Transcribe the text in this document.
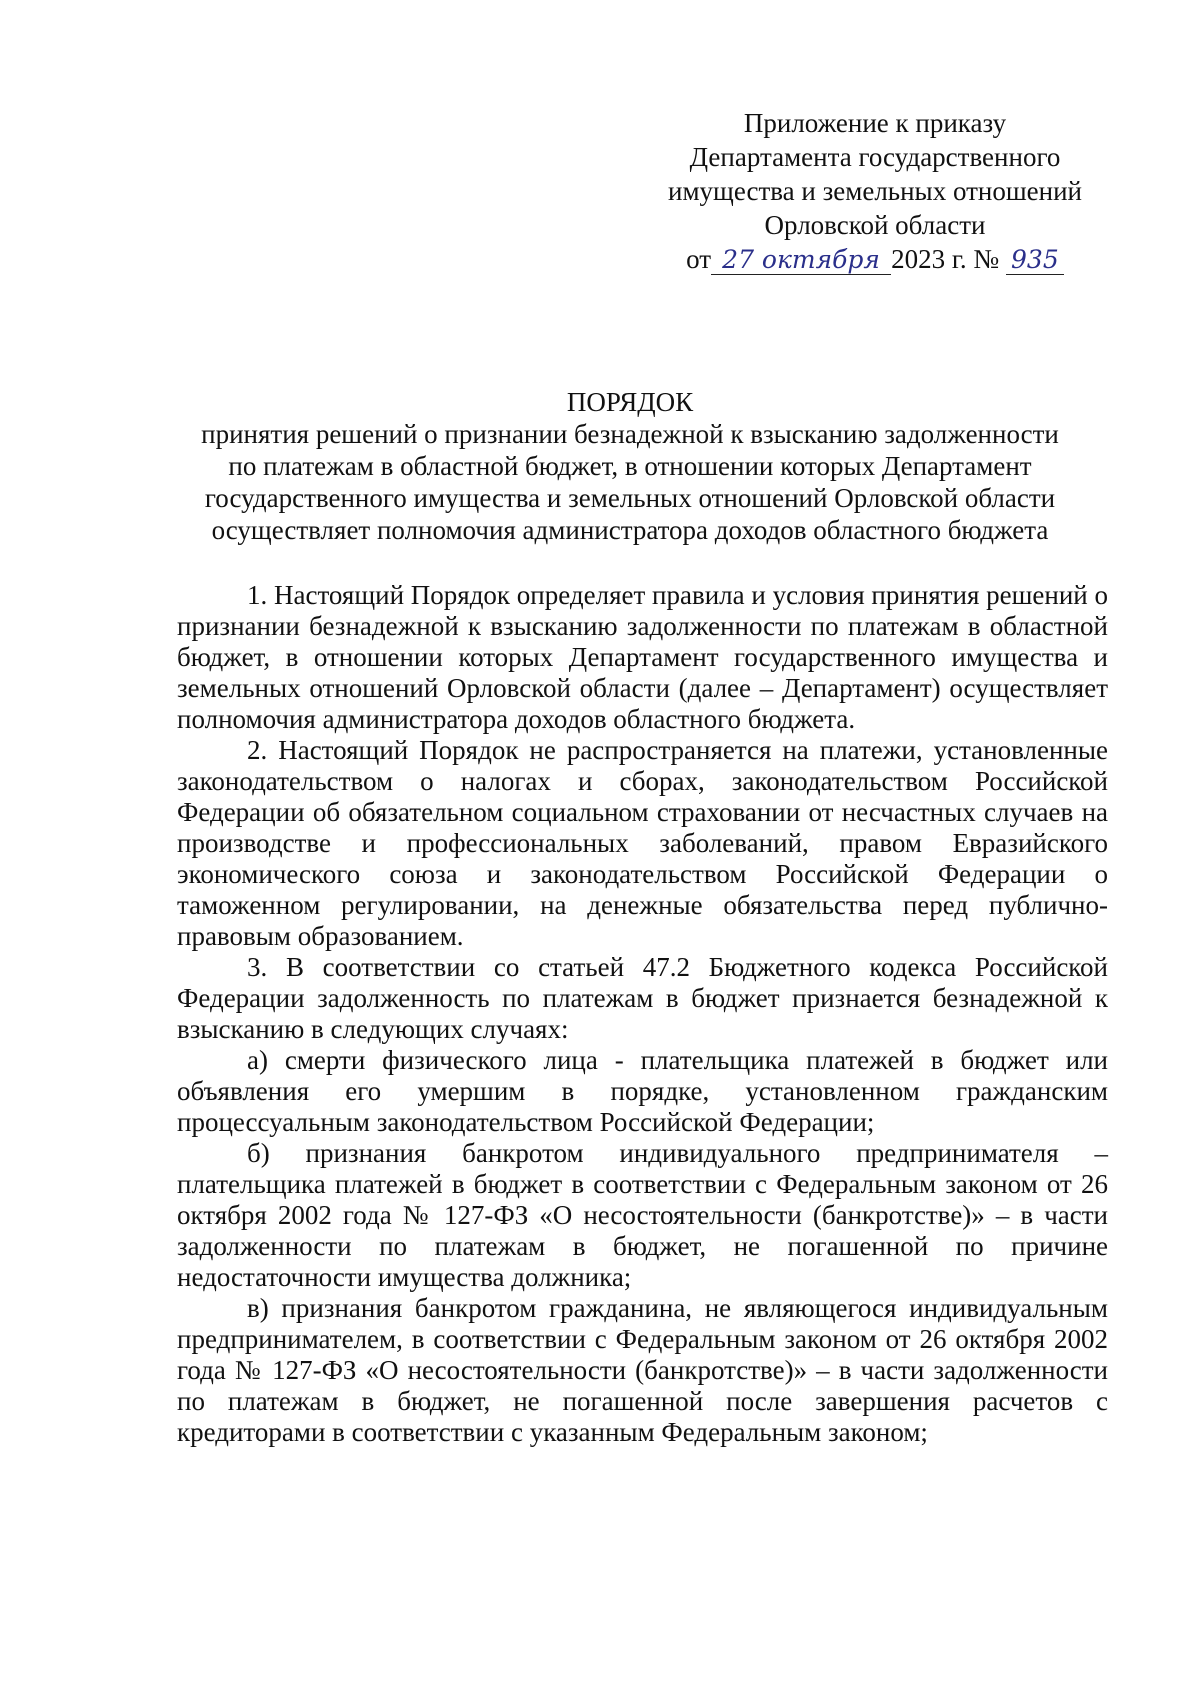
Приложение к приказу
Департамента государственного
имущества и земельных отношений
Орловской области
от 27 октября 2023 г. № 935
ПОРЯДОК
принятия решений о признании безнадежной к взысканию задолженности
по платежам в областной бюджет, в отношении которых Департамент
государственного имущества и земельных отношений Орловской области
осуществляет полномочия администратора доходов областного бюджета

1. Настоящий Порядок определяет правила и условия принятия решений о признании безнадежной к взысканию задолженности по платежам в областной бюджет, в отношении которых Департамент государственного имущества и земельных отношений Орловской области (далее – Департамент) осуществляет полномочия администратора доходов областного бюджета.

2. Настоящий Порядок не распространяется на платежи, установленные законодательством о налогах и сборах, законодательством Российской Федерации об обязательном социальном страховании от несчастных случаев на производстве и профессиональных заболеваний, правом Евразийского экономического союза и законодательством Российской Федерации о таможенном регулировании, на денежные обязательства перед публично-правовым образованием.

3. В соответствии со статьей 47.2 Бюджетного кодекса Российской Федерации задолженность по платежам в бюджет признается безнадежной к взысканию в следующих случаях:

а) смерти физического лица - плательщика платежей в бюджет или объявления его умершим в порядке, установленном гражданским процессуальным законодательством Российской Федерации;

б) признания банкротом индивидуального предпринимателя – плательщика платежей в бюджет в соответствии с Федеральным законом от 26 октября 2002 года № 127-ФЗ «О несостоятельности (банкротстве)» – в части задолженности по платежам в бюджет, не погашенной по причине недостаточности имущества должника;

в) признания банкротом гражданина, не являющегося индивидуальным предпринимателем, в соответствии с Федеральным законом от 26 октября 2002 года № 127-ФЗ «О несостоятельности (банкротстве)» – в части задолженности по платежам в бюджет, не погашенной после завершения расчетов с кредиторами в соответствии с указанным Федеральным законом;
